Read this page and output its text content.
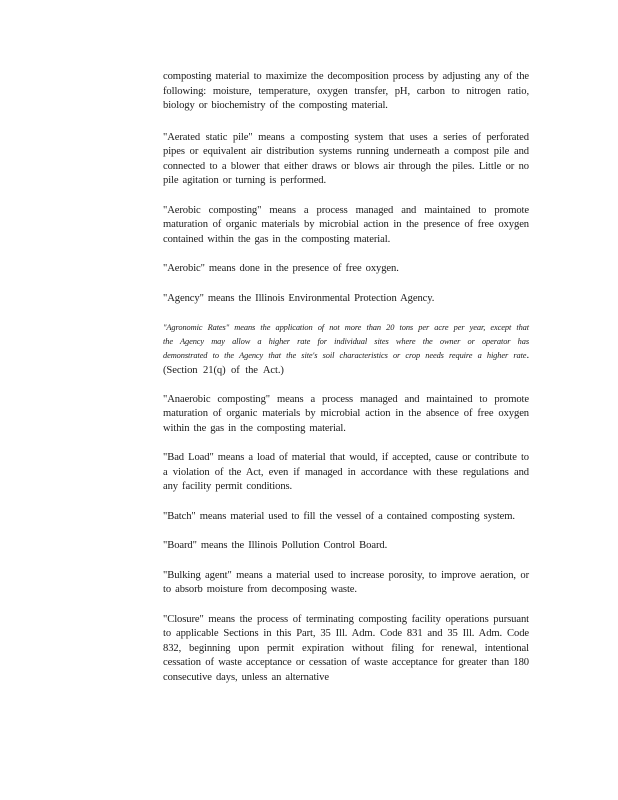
composting material to maximize the decomposition process by adjusting any of the following: moisture, temperature, oxygen transfer, pH, carbon to nitrogen ratio, biology or biochemistry of the composting material.

"Aerated static pile" means a composting system that uses a series of perforated pipes or equivalent air distribution systems running underneath a compost pile and connected to a blower that either draws or blows air through the piles. Little or no pile agitation or turning is performed.

"Aerobic composting" means a process managed and maintained to promote maturation of organic materials by microbial action in the presence of free oxygen contained within the gas in the composting material.

"Aerobic" means done in the presence of free oxygen.

"Agency" means the Illinois Environmental Protection Agency.

"Agronomic Rates" means the application of not more than 20 tons per acre per year, except that the Agency may allow a higher rate for individual sites where the owner or operator has demonstrated to the Agency that the site's soil characteristics or crop needs require a higher rate. (Section 21(q) of the Act.)

"Anaerobic composting" means a process managed and maintained to promote maturation of organic materials by microbial action in the absence of free oxygen within the gas in the composting material.

"Bad Load" means a load of material that would, if accepted, cause or contribute to a violation of the Act, even if managed in accordance with these regulations and any facility permit conditions.

"Batch" means material used to fill the vessel of a contained composting system.

"Board" means the Illinois Pollution Control Board.

"Bulking agent" means a material used to increase porosity, to improve aeration, or to absorb moisture from decomposing waste.

"Closure" means the process of terminating composting facility operations pursuant to applicable Sections in this Part, 35 Ill. Adm. Code 831 and 35 Ill. Adm. Code 832, beginning upon permit expiration without filing for renewal, intentional cessation of waste acceptance or cessation of waste acceptance for greater than 180 consecutive days, unless an alternative
